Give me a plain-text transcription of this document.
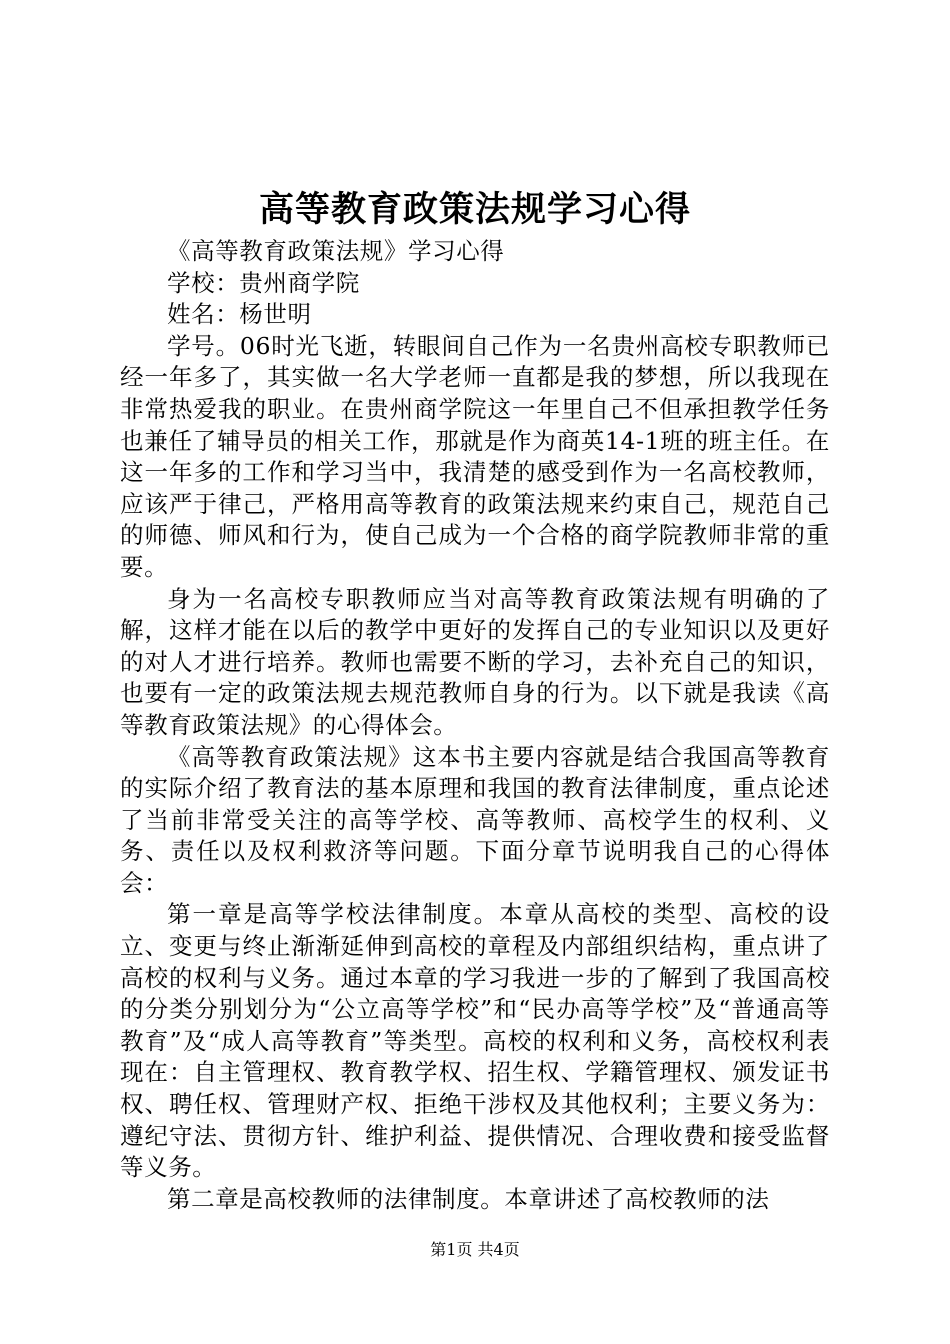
高等教育政策法规学习心得

《高等教育政策法规》学习心得

学校：贵州商学院

姓名：杨世明

学号。06时光飞逝，转眼间自己作为一名贵州高校专职教师已经一年多了，其实做一名大学老师一直都是我的梦想，所以我现在非常热爱我的职业。在贵州商学院这一年里自己不但承担教学任务也兼任了辅导员的相关工作，那就是作为商英14-1班的班主任。在这一年多的工作和学习当中，我清楚的感受到作为一名高校教师，应该严于律己，严格用高等教育的政策法规来约束自己，规范自己的师德、师风和行为，使自己成为一个合格的商学院教师非常的重要。

身为一名高校专职教师应当对高等教育政策法规有明确的了解，这样才能在以后的教学中更好的发挥自己的专业知识以及更好的对人才进行培养。教师也需要不断的学习，去补充自己的知识，也要有一定的政策法规去规范教师自身的行为。以下就是我读《高等教育政策法规》的心得体会。

《高等教育政策法规》这本书主要内容就是结合我国高等教育的实际介绍了教育法的基本原理和我国的教育法律制度，重点论述了当前非常受关注的高等学校、高等教师、高校学生的权利、义务、责任以及权利救济等问题。下面分章节说明我自己的心得体会：

第一章是高等学校法律制度。本章从高校的类型、高校的设立、变更与终止渐渐延伸到高校的章程及内部组织结构，重点讲了高校的权利与义务。通过本章的学习我进一步的了解到了我国高校的分类分别划分为“公立高等学校”和“民办高等学校”及“普通高等教育”及“成人高等教育”等类型。高校的权利和义务，高校权利表现在：自主管理权、教育教学权、招生权、学籍管理权、颁发证书权、聘任权、管理财产权、拒绝干涉权及其他权利；主要义务为：遵纪守法、贯彻方针、维护利益、提供情况、合理收费和接受监督等义务。

第二章是高校教师的法律制度。本章讲述了高校教师的法

第1页 共4页
